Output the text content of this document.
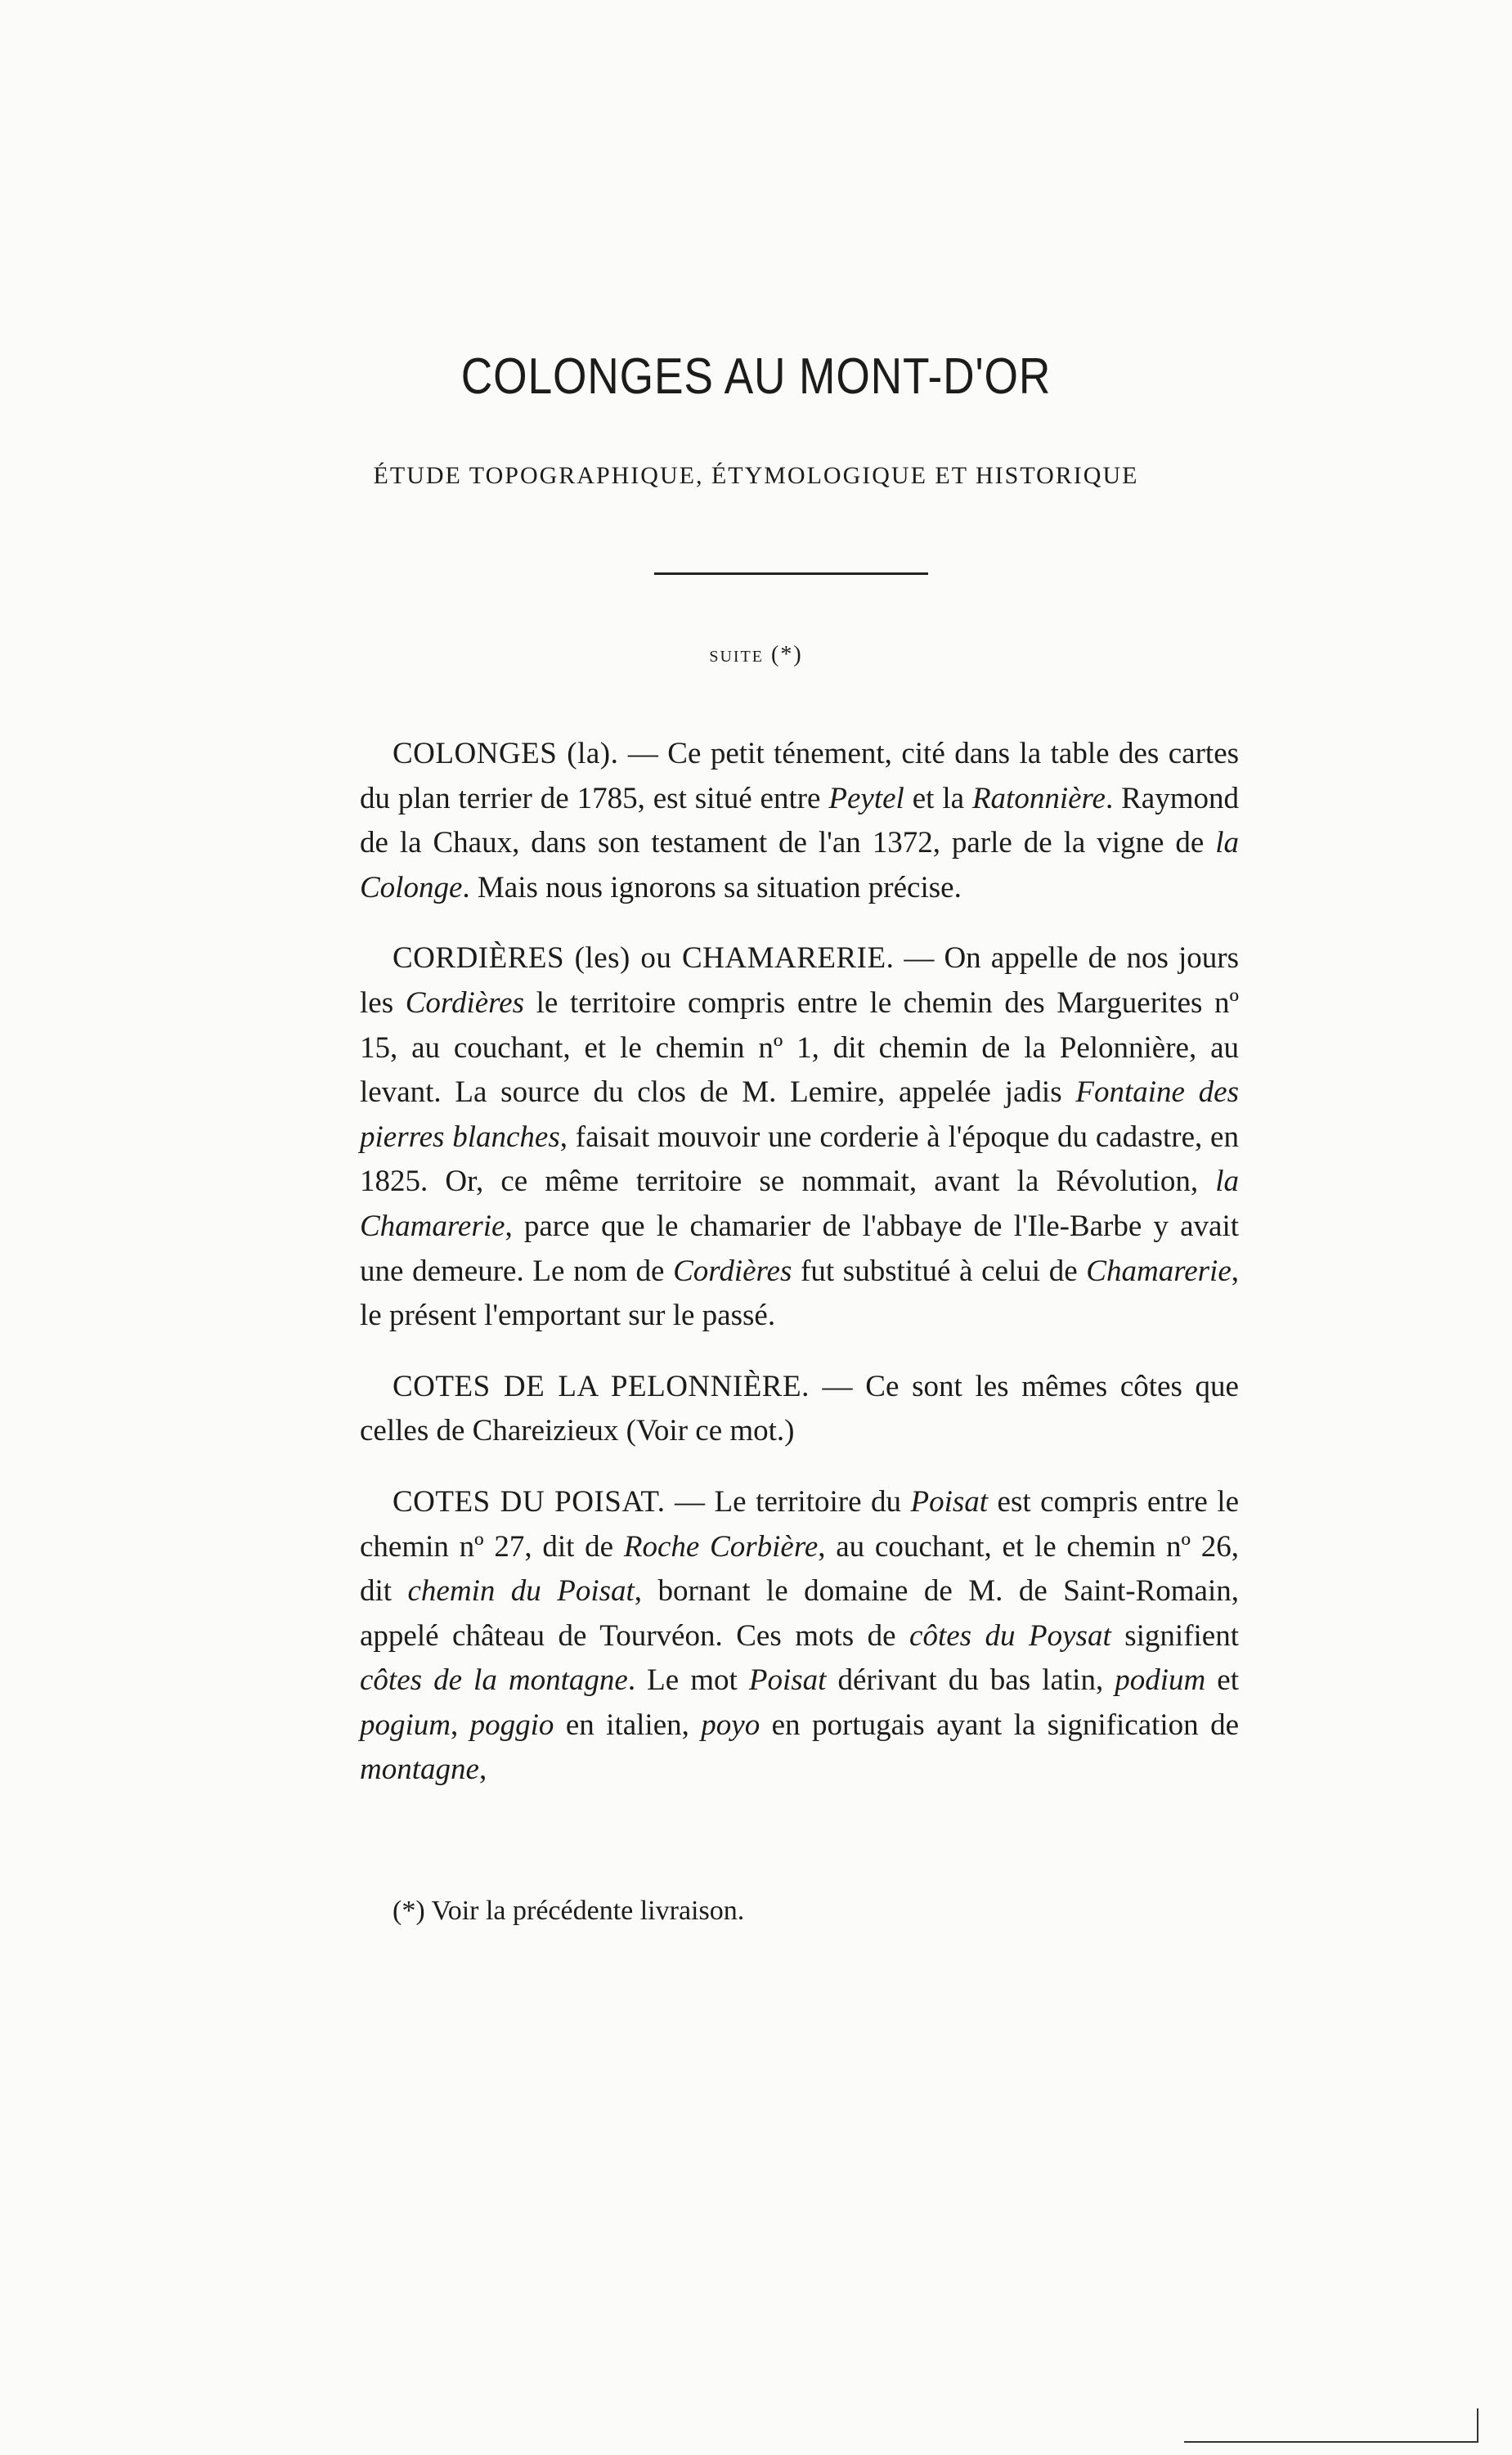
COLONGES AU MONT-D'OR
ÉTUDE TOPOGRAPHIQUE, ÉTYMOLOGIQUE ET HISTORIQUE
suite (*)

COLONGES (la). — Ce petit ténement, cité dans la table des cartes du plan terrier de 1785, est situé entre Peytel et la Ratonnière. Raymond de la Chaux, dans son testament de l'an 1372, parle de la vigne de la Colonge. Mais nous ignorons sa situation précise.

CORDIÈRES (les) ou CHAMARERIE. — On appelle de nos jours les Cordières le territoire compris entre le chemin des Marguerites nº 15, au couchant, et le chemin nº 1, dit chemin de la Pelonnière, au levant. La source du clos de M. Lemire, appelée jadis Fontaine des pierres blanches, faisait mouvoir une corderie à l'époque du cadastre, en 1825. Or, ce même territoire se nommait, avant la Révolution, la Chamarerie, parce que le chamarier de l'abbaye de l'Ile-Barbe y avait une demeure. Le nom de Cordières fut substitué à celui de Chamarerie, le présent l'emportant sur le passé.

COTES DE LA PELONNIÈRE. — Ce sont les mêmes côtes que celles de Chareizieux (Voir ce mot.)

COTES DU POISAT. — Le territoire du Poisat est compris entre le chemin nº 27, dit de Roche Corbière, au couchant, et le chemin nº 26, dit chemin du Poisat, bornant le domaine de M. de Saint-Romain, appelé château de Tourvéon. Ces mots de côtes du Poysat signifient côtes de la montagne. Le mot Poisat dérivant du bas latin, podium et pogium, poggio en italien, poyo en portugais ayant la signification de montagne,

(*) Voir la précédente livraison.
